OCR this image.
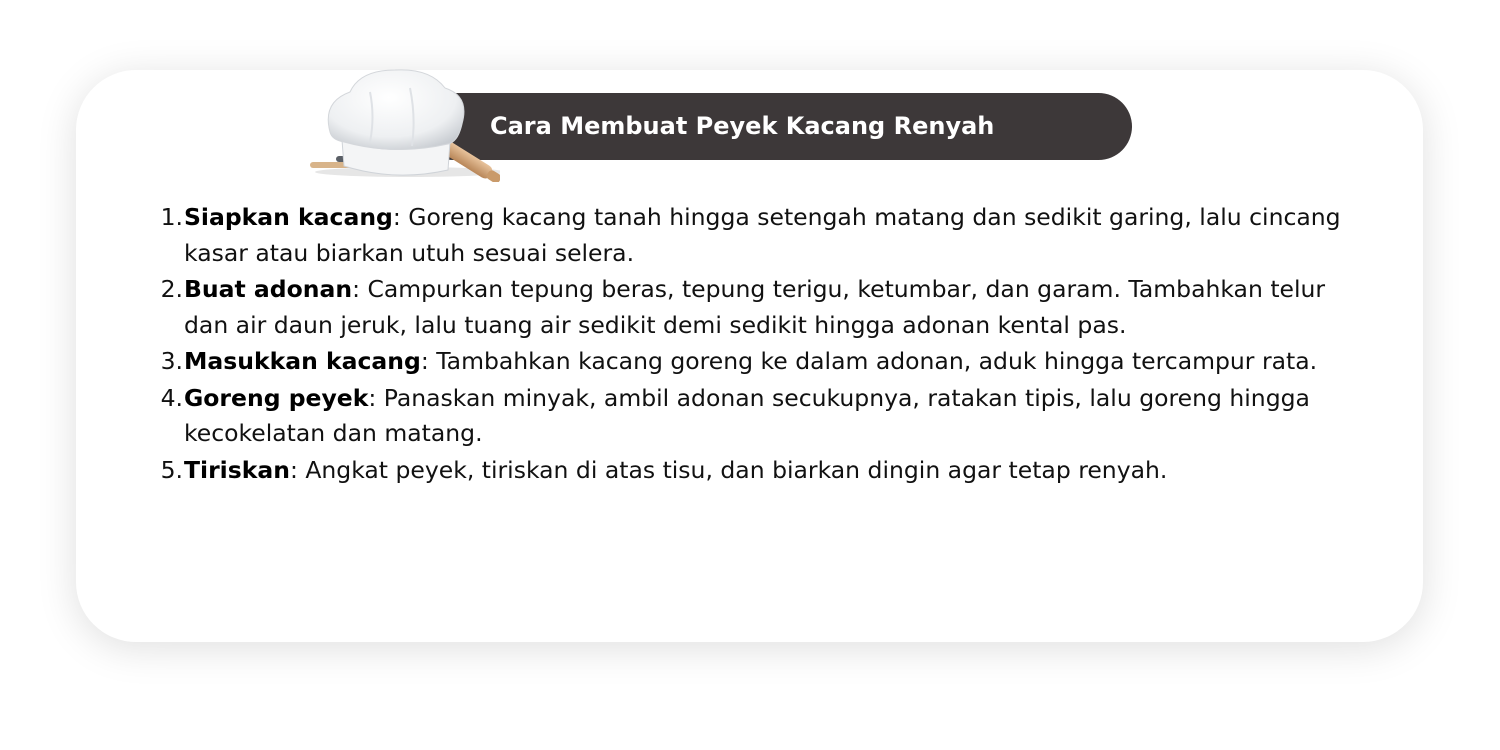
Cara Membuat Peyek Kacang Renyah
1. Siapkan kacang: Goreng kacang tanah hingga setengah matang dan sedikit garing, lalu cincang kasar atau biarkan utuh sesuai selera.
2. Buat adonan: Campurkan tepung beras, tepung terigu, ketumbar, dan garam. Tambahkan telur dan air daun jeruk, lalu tuang air sedikit demi sedikit hingga adonan kental pas.
3. Masukkan kacang: Tambahkan kacang goreng ke dalam adonan, aduk hingga tercampur rata.
4. Goreng peyek: Panaskan minyak, ambil adonan secukupnya, ratakan tipis, lalu goreng hingga kecokelatan dan matang.
5. Tiriskan: Angkat peyek, tiriskan di atas tisu, dan biarkan dingin agar tetap renyah.
